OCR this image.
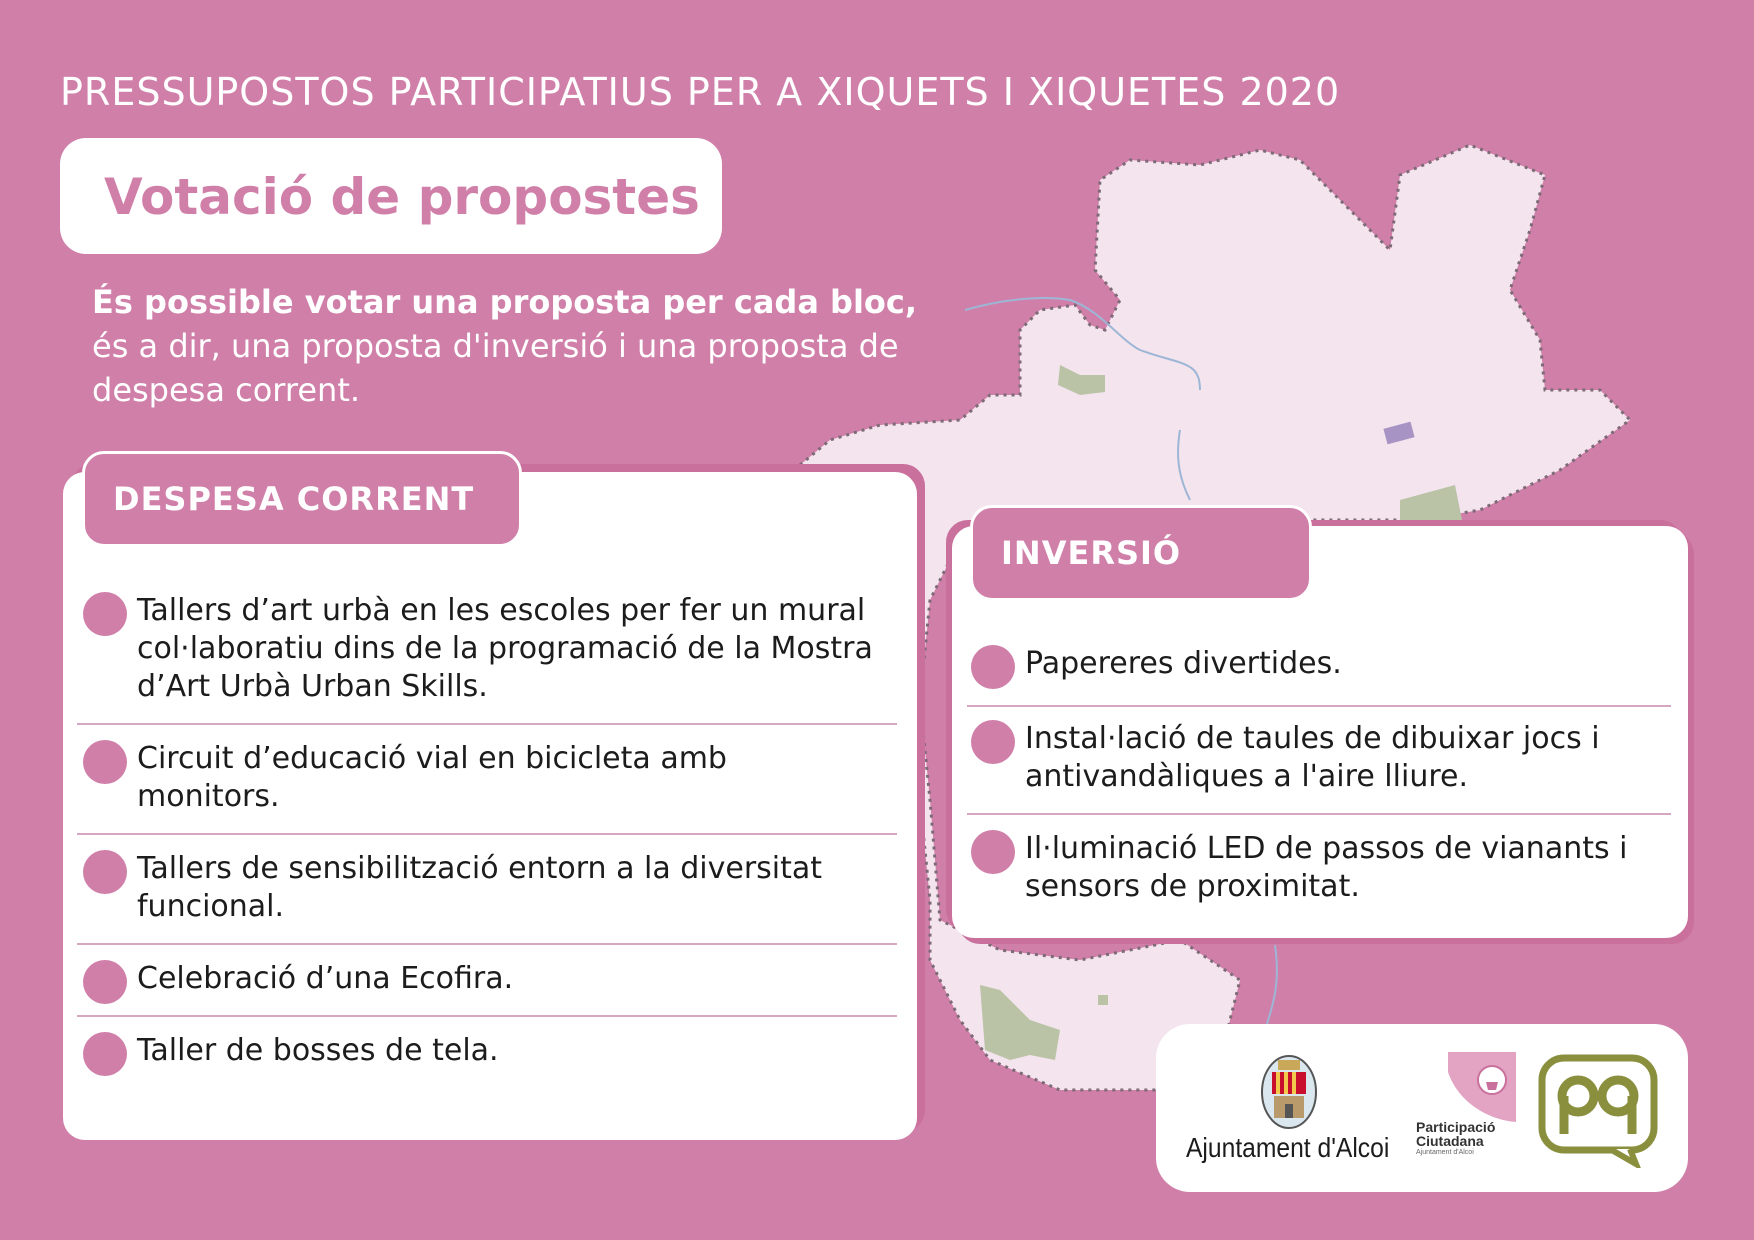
PRESSUPOSTOS PARTICIPATIUS PER A XIQUETS I XIQUETES 2020
Votació de propostes
És possible votar una proposta per cada bloc,
és a dir, una proposta d'inversió i una proposta de despesa corrent.
DESPESA CORRENT
Tallers d’art urbà en les escoles per fer un mural col·laboratiu dins de la programació de la Mostra d’Art Urbà Urban Skills.
Circuit d’educació vial en bicicleta amb monitors.
Tallers de sensibilització entorn a la diversitat funcional.
Celebració d’una Ecofira.
Taller de bosses de tela.
INVERSIÓ
Papereres divertides.
Instal·lació de taules de dibuixar jocs i antivandàliques a l'aire lliure.
Il·luminació LED de passos de vianants i sensors de proximitat.
Ajuntament d'Alcoi
Participació
Ciutadana
Ajuntament d'Alcoi
